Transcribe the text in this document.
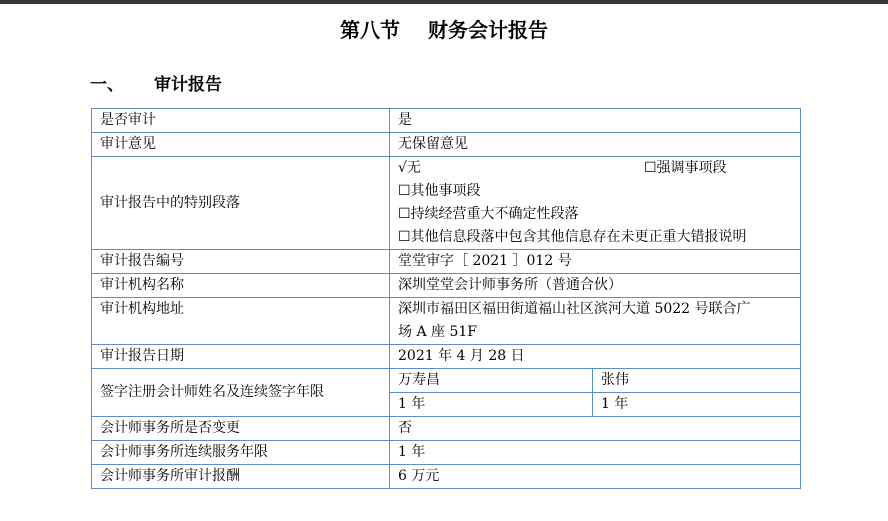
第八节 财务会计报告
一、 审计报告
是否审计	是	
审计意见	无保留意见	
审计报告中的特别段落	√无 ☐强调事项段
☐其他事项段
☐持续经营重大不确定性段落
☐其他信息段落中包含其他信息存在未更正重大错报说明	

审计报告编号	堂堂审字［ 2021 ］012 号	
审计机构名称	深圳堂堂会计师事务所（普通合伙）	
审计机构地址	深圳市福田区福田街道福山社区滨河大道 5022 号联合广
场 A 座 51F	

审计报告日期	2021 年 4 月 28 日	
签字注册会计师姓名及连续签字年限	万寿昌	张伟
	1 年	1 年
会计师事务所是否变更	否	
会计师事务所连续服务年限	1 年	
会计师事务所审计报酬	6 万元	
